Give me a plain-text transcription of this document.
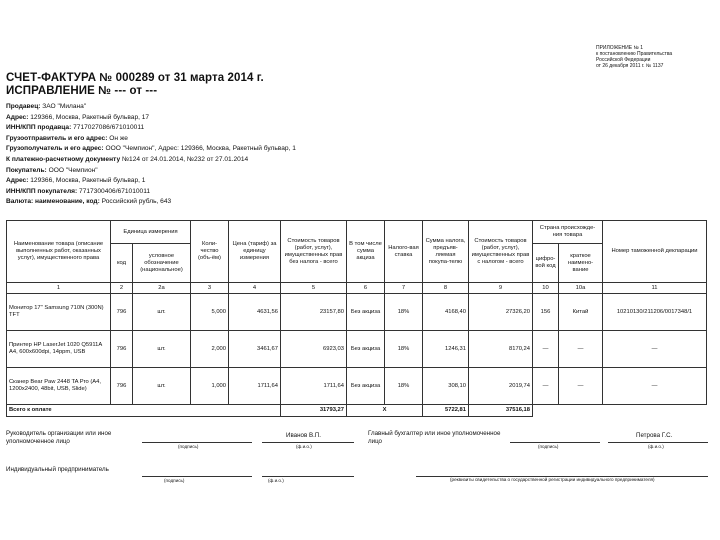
ПРИЛОЖЕНИЕ № 1
к постановлению Правительства
Российской Федерации
от 26 декабря 2011 г. № 1137
СЧЕТ-ФАКТУРА № 000289 от 31 марта 2014 г.
ИСПРАВЛЕНИЕ № --- от ---
Продавец: ЗАО "Милана"
Адрес: 129366, Москва, Ракетный бульвар, 17
ИНН/КПП продавца: 7717027086/671010011
Грузоотправитель и его адрес: Он же
Грузополучатель и его адрес: ООО "Чемпион", Адрес: 129366, Москва, Ракетный бульвар, 1
К платежно-расчетному документу №124 от 24.01.2014, №232 от 27.01.2014
Покупатель: ООО "Чемпион"
Адрес: 129366, Москва, Ракетный бульвар, 1
ИНН/КПП покупателя: 7717300406/671010011
Валюта: наименование, код: Российский рубль, 643
Наименование товара (описание выполненных работ, оказанных услуг), имущественного права	Единица измерения		Коли-чество (объ-ём)	Цена (тариф) за единицу измерения	Стоимость товаров (работ, услуг), имущественных прав без налога - всего	В том числе сумма акциза	Налого-вая ставка	Сумма налога, предъяв-ляемая покупа-телю	Стоимость товаров (работ, услуг), имущественных прав с налогом - всего	Страна происхожде-ния товара		Номер таможенной декларации
	код	условное обозначение (национальное)								цифро-вой код	краткое наимено-вание	
1	2	2а	3	4	5	6	7	8	9	10	10а	11
Монитор 17" Samsung 710N (300N) TFT	796	шт.	5,000	4631,56	23157,80	Без акциза	18%	4168,40	27326,20	156	Китай	10210130/211206/0017348/1
Принтер HP LaserJet 1020 Q5911A A4, 600x600dpi, 14ppm, USB	796	шт.	2,000	3461,67	6923,03	Без акциза	18%	1246,31	8170,24	—	—	—
Сканер Bear Paw 2448 TA Pro (A4, 1200x2400, 48bit, USB, Slide)	796	шт.	1,000	1711,64	1711,64	Без акциза	18%	308,10	2019,74	—	—	—
Всего к оплате					31793,27	Х		5722,81	37516,18			
Руководитель организации или иное уполномоченное лицо
(подпись)
Иванов В.П.
(ф.и.о.)
Главный бухгалтер или иное уполномоченное лицо
(подпись)
Петрова Г.С.
(ф.и.о.)
Индивидуальный предприниматель
(подпись)	(ф.и.о.)	(реквизиты свидетельства о государственной регистрации индивидуального предпринимателя)
